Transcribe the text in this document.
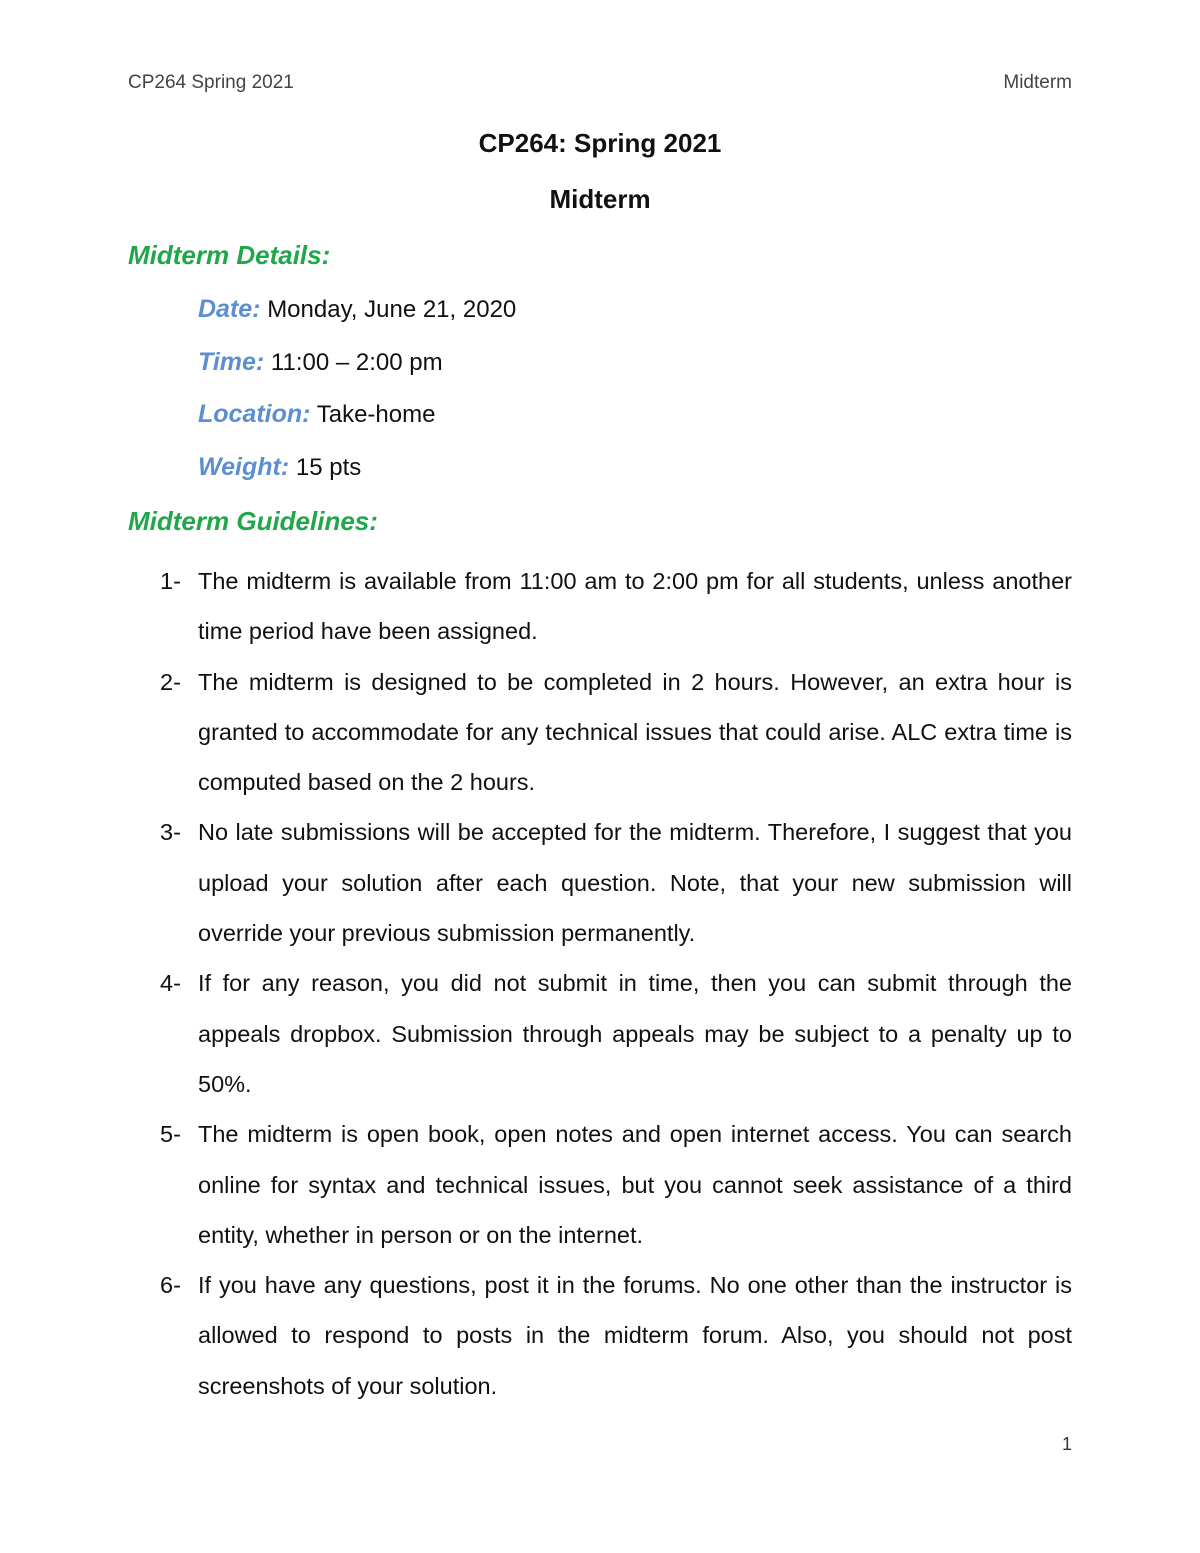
CP264 Spring 2021	Midterm
CP264: Spring 2021
Midterm
Midterm Details:
Date: Monday, June 21, 2020
Time: 11:00 – 2:00 pm
Location: Take-home
Weight: 15 pts
Midterm Guidelines:
1- The midterm is available from 11:00 am to 2:00 pm for all students, unless another time period have been assigned.
2- The midterm is designed to be completed in 2 hours. However, an extra hour is granted to accommodate for any technical issues that could arise. ALC extra time is computed based on the 2 hours.
3- No late submissions will be accepted for the midterm. Therefore, I suggest that you upload your solution after each question. Note, that your new submission will override your previous submission permanently.
4- If for any reason, you did not submit in time, then you can submit through the appeals dropbox. Submission through appeals may be subject to a penalty up to 50%.
5- The midterm is open book, open notes and open internet access. You can search online for syntax and technical issues, but you cannot seek assistance of a third entity, whether in person or on the internet.
6- If you have any questions, post it in the forums. No one other than the instructor is allowed to respond to posts in the midterm forum. Also, you should not post screenshots of your solution.
1
